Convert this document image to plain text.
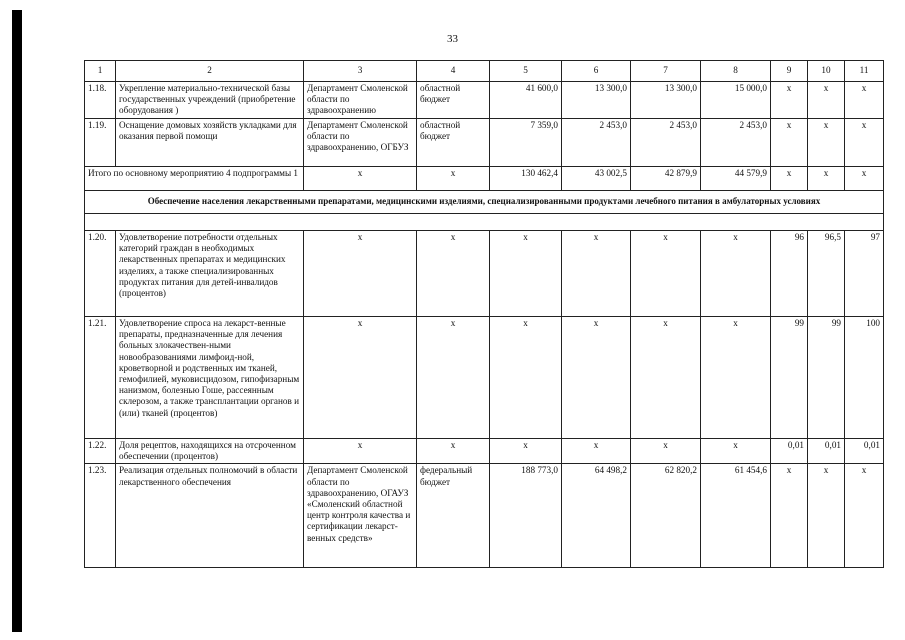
33
1	2	3	4	5	6	7	8	9	10	11
1.18.	Укрепление материально-технической базы государственных учреждений (приобретение оборудования )	Департамент Смоленской области по здравоохранению	областной бюджет	41 600,0	13 300,0	13 300,0	15 000,0	х	х	х
1.19.	Оснащение домовых хозяйств укладками для оказания первой помощи	Департамент Смоленской области по здравоохранению, ОГБУЗ	областной бюджет	7 359,0	2 453,0	2 453,0	2 453,0	х	х	х
Итого по основному мероприятию 4 подпрограммы 1		х	х	130 462,4	43 002,5	42 879,9	44 579,9	х	х	х
Обеспечение населения лекарственными препаратами, медицинскими изделиями, специализированными продуктами лечебного питания в амбулаторных условиях										

1.20.	Удовлетворение потребности отдельных категорий граждан в необходимых лекарственных препаратах и медицинских изделиях, а также специализированных продуктах питания для детей-инвалидов (процентов)	х	х	х	х	х	х	96	96,5	97
1.21.	Удовлетворение спроса на лекарст-венные препараты, предназначенные для лечения больных злокачествен-ными новообразованиями лимфоид-ной, кроветворной и родственных им тканей, гемофилией, муковисцидозом, гипофизарным нанизмом, болезнью Гоше, рассеянным склерозом, а также трансплантации органов и (или) тканей (процентов)	х	х	х	х	х	х	99	99	100
1.22.	Доля рецептов, находящихся на отсроченном обеспечении (процентов)	х	х	х	х	х	х	0,01	0,01	0,01
1.23.	Реализация отдельных полномочий в области лекарственного обеспечения	Департамент Смоленской области по здравоохранению, ОГАУЗ «Смоленский областной центр контроля качества и сертификации лекарст-венных средств»	федеральный бюджет	188 773,0	64 498,2	62 820,2	61 454,6	х	х	х
